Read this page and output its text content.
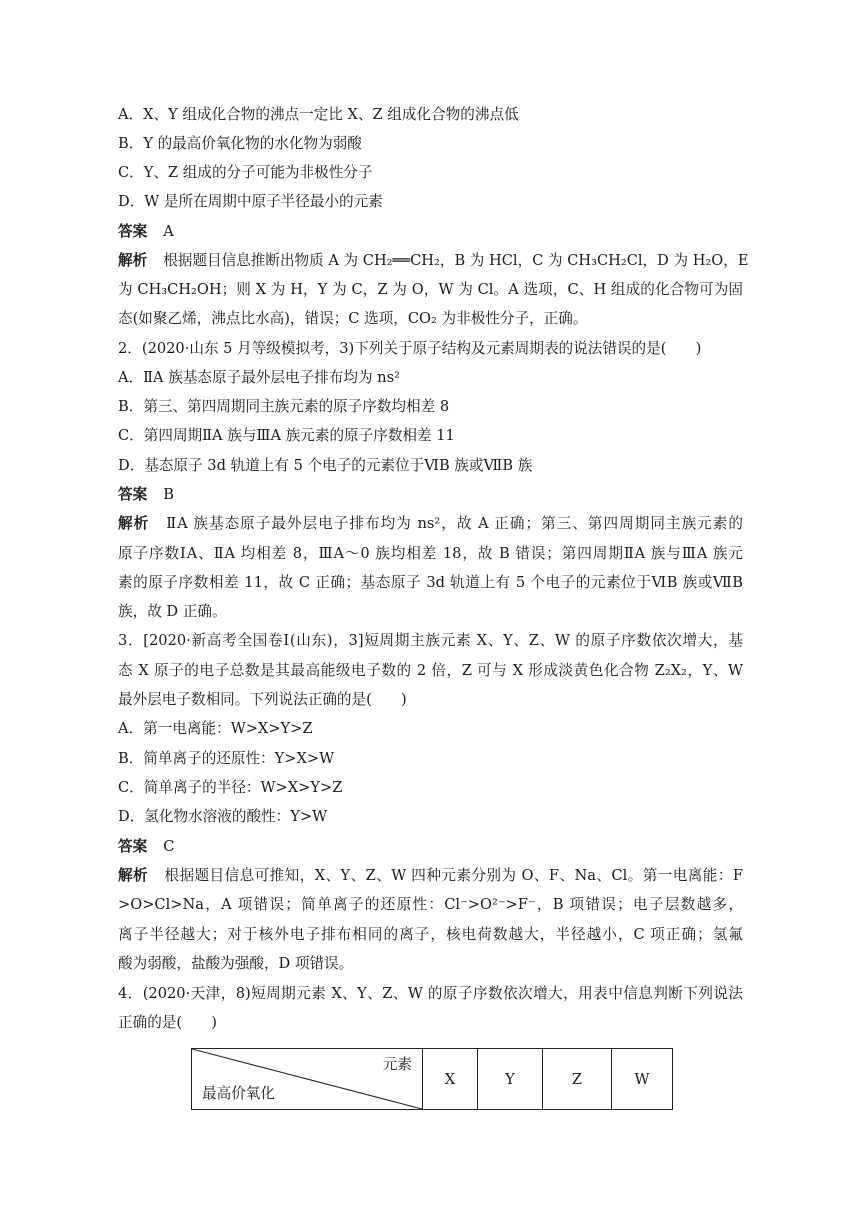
A．X、Y 组成化合物的沸点一定比 X、Z 组成化合物的沸点低
B．Y 的最高价氧化物的水化物为弱酸
C．Y、Z 组成的分子可能为非极性分子
D．W 是所在周期中原子半径最小的元素
答案 A
解析 根据题目信息推断出物质 A 为 CH₂══CH₂，B 为 HCl，C 为 CH₃CH₂Cl，D 为 H₂O，E
为 CH₃CH₂OH；则 X 为 H，Y 为 C，Z 为 O，W 为 Cl。A 选项，C、H 组成的化合物可为固
态(如聚乙烯，沸点比水高)，错误；C 选项，CO₂ 为非极性分子，正确。
2．(2020·山东 5 月等级模拟考，3)下列关于原子结构及元素周期表的说法错误的是(　　)
A．ⅡA 族基态原子最外层电子排布均为 ns²
B．第三、第四周期同主族元素的原子序数均相差 8
C．第四周期ⅡA 族与ⅢA 族元素的原子序数相差 11
D．基态原子 3d 轨道上有 5 个电子的元素位于ⅥB 族或ⅦB 族
答案 B
解析 ⅡA 族基态原子最外层电子排布均为 ns²，故 A 正确；第三、第四周期同主族元素的
原子序数ⅠA、ⅡA 均相差 8，ⅢA～0 族均相差 18，故 B 错误；第四周期ⅡA 族与ⅢA 族元
素的原子序数相差 11，故 C 正确；基态原子 3d 轨道上有 5 个电子的元素位于ⅥB 族或ⅦB
族，故 D 正确。
3．[2020·新高考全国卷Ⅰ(山东)，3]短周期主族元素 X、Y、Z、W 的原子序数依次增大，基
态 X 原子的电子总数是其最高能级电子数的 2 倍，Z 可与 X 形成淡黄色化合物 Z₂X₂，Y、W
最外层电子数相同。下列说法正确的是(　　)
A．第一电离能：W>X>Y>Z
B．简单离子的还原性：Y>X>W
C．简单离子的半径：W>X>Y>Z
D．氢化物水溶液的酸性：Y>W
答案 C
解析 根据题目信息可推知，X、Y、Z、W 四种元素分别为 O、F、Na、Cl。第一电离能：F
>O>Cl>Na，A 项错误；简单离子的还原性：Cl⁻>O²⁻>F⁻，B 项错误；电子层数越多，
离子半径越大；对于核外电子排布相同的离子，核电荷数越大，半径越小，C 项正确；氢氟
酸为弱酸，盐酸为强酸，D 项错误。
4．(2020·天津，8)短周期元素 X、Y、Z、W 的原子序数依次增大，用表中信息判断下列说法
正确的是(　　)
元素
最高价氧化
	X	Y	Z	W
